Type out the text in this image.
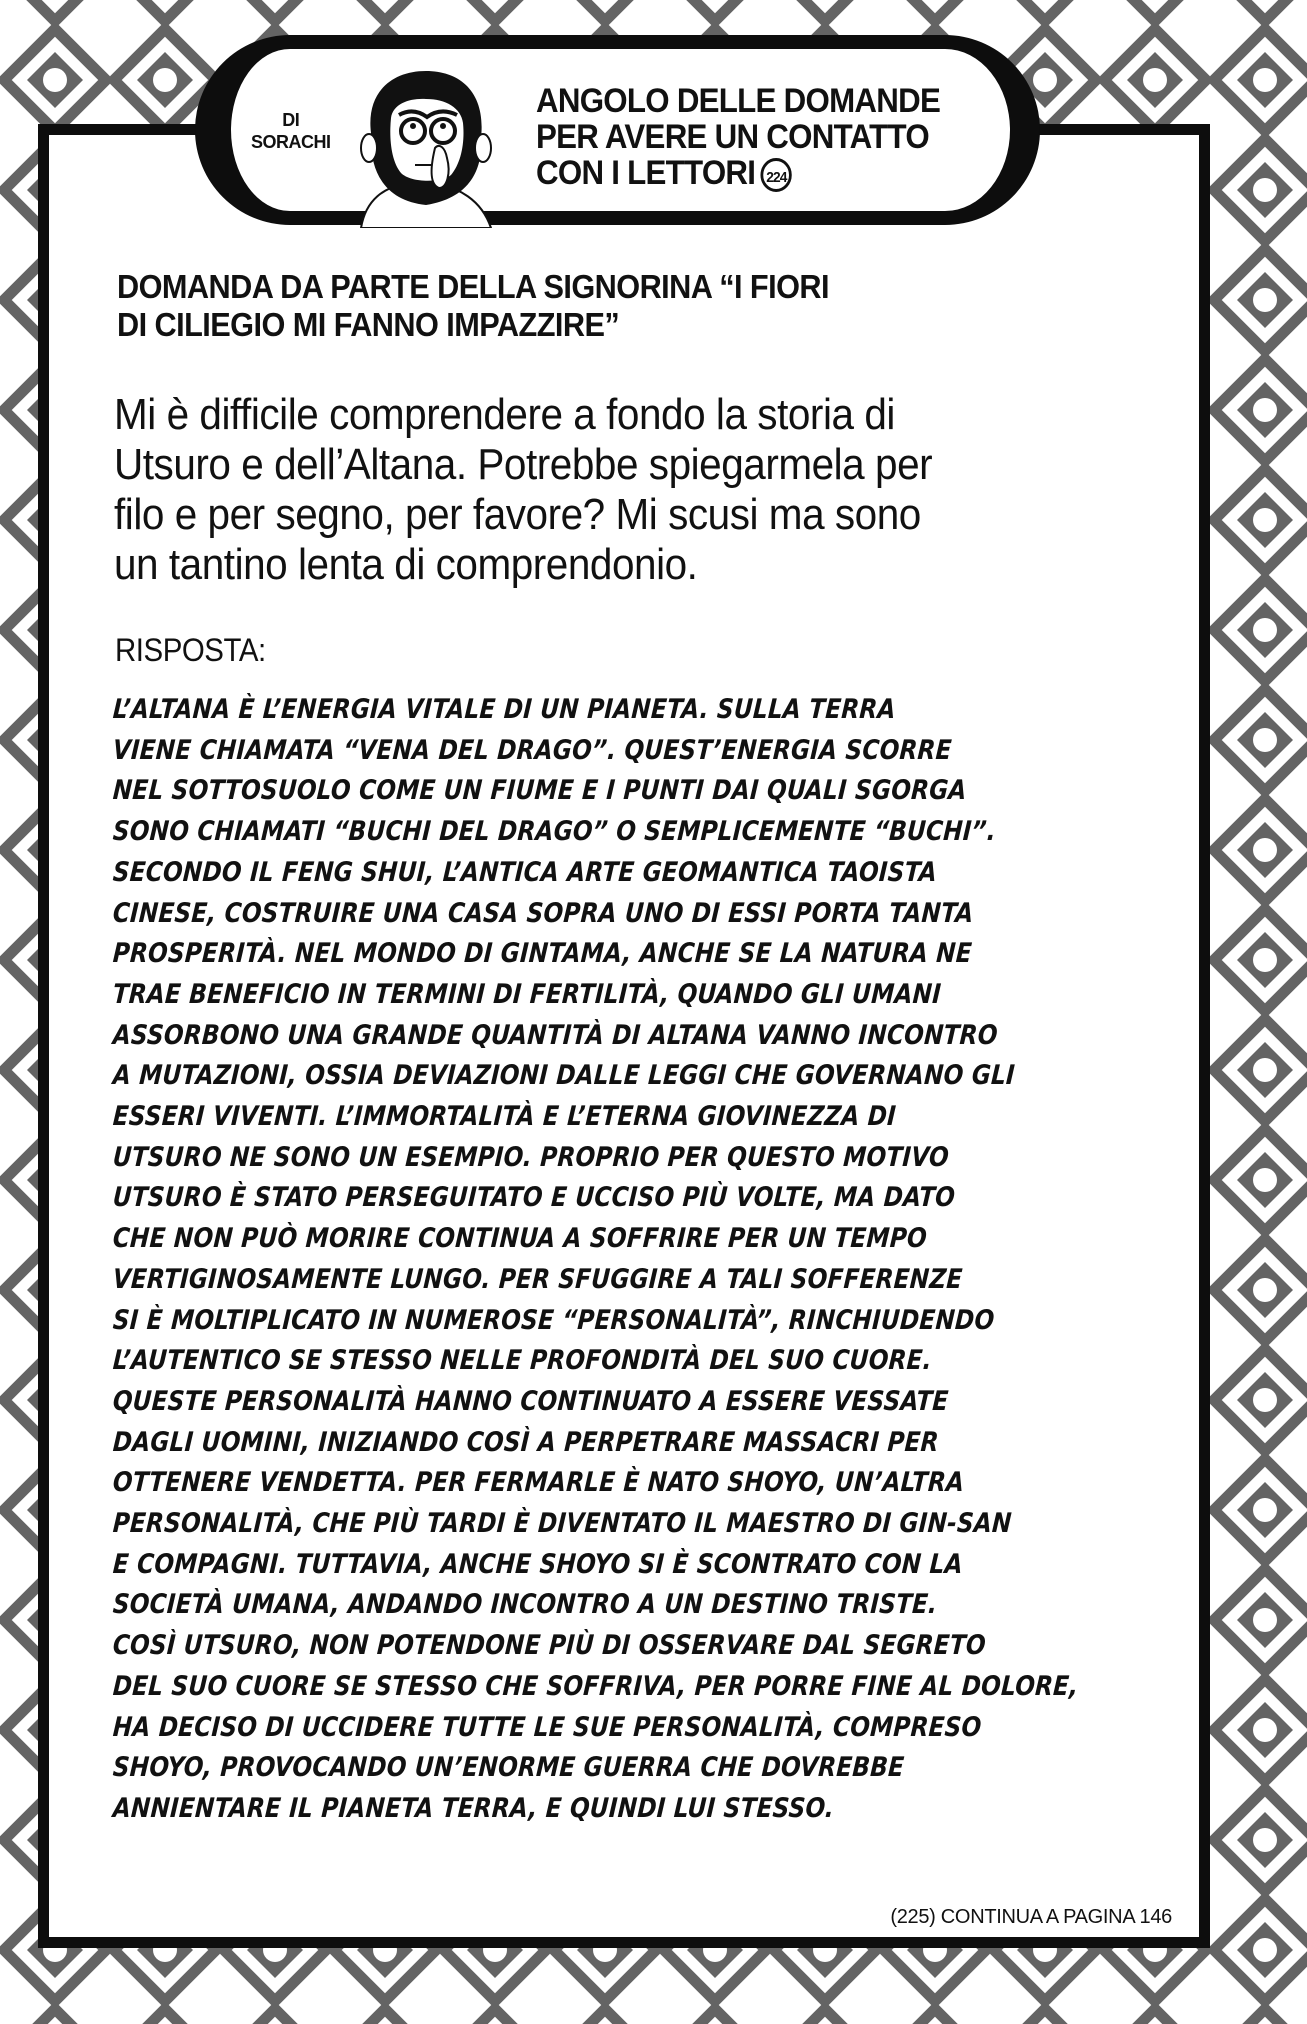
DI
SORACHI
ANGOLO DELLE DOMANDE
PER AVERE UN CONTATTO
CON I LETTORI 224
DOMANDA DA PARTE DELLA SIGNORINA “I FIORI
DI CILIEGIO MI FANNO IMPAZZIRE”
Mi è difficile comprendere a fondo la storia di
Utsuro e dell’Altana. Potrebbe spiegarmela per
filo e per segno, per favore? Mi scusi ma sono
un tantino lenta di comprendonio.
RISPOSTA:
L’ALTANA È L’ENERGIA VITALE DI UN PIANETA. SULLA TERRA
VIENE CHIAMATA “VENA DEL DRAGO”. QUEST’ENERGIA SCORRE
NEL SOTTOSUOLO COME UN FIUME E I PUNTI DAI QUALI SGORGA
SONO CHIAMATI “BUCHI DEL DRAGO” O SEMPLICEMENTE “BUCHI”.
SECONDO IL FENG SHUI, L’ANTICA ARTE GEOMANTICA TAOISTA
CINESE, COSTRUIRE UNA CASA SOPRA UNO DI ESSI PORTA TANTA
PROSPERITÀ. NEL MONDO DI GINTAMA, ANCHE SE LA NATURA NE
TRAE BENEFICIO IN TERMINI DI FERTILITÀ, QUANDO GLI UMANI
ASSORBONO UNA GRANDE QUANTITÀ DI ALTANA VANNO INCONTRO
A MUTAZIONI, OSSIA DEVIAZIONI DALLE LEGGI CHE GOVERNANO GLI
ESSERI VIVENTI. L’IMMORTALITÀ E L’ETERNA GIOVINEZZA DI
UTSURO NE SONO UN ESEMPIO. PROPRIO PER QUESTO MOTIVO
UTSURO È STATO PERSEGUITATO E UCCISO PIÙ VOLTE, MA DATO
CHE NON PUÒ MORIRE CONTINUA A SOFFRIRE PER UN TEMPO
VERTIGINOSAMENTE LUNGO. PER SFUGGIRE A TALI SOFFERENZE
SI È MOLTIPLICATO IN NUMEROSE “PERSONALITÀ”, RINCHIUDENDO
L’AUTENTICO SE STESSO NELLE PROFONDITÀ DEL SUO CUORE.
QUESTE PERSONALITÀ HANNO CONTINUATO A ESSERE VESSATE
DAGLI UOMINI, INIZIANDO COSÌ A PERPETRARE MASSACRI PER
OTTENERE VENDETTA. PER FERMARLE È NATO SHOYO, UN’ALTRA
PERSONALITÀ, CHE PIÙ TARDI È DIVENTATO IL MAESTRO DI GIN-SAN
E COMPAGNI. TUTTAVIA, ANCHE SHOYO SI È SCONTRATO CON LA
SOCIETÀ UMANA, ANDANDO INCONTRO A UN DESTINO TRISTE.
COSÌ UTSURO, NON POTENDONE PIÙ DI OSSERVARE DAL SEGRETO
DEL SUO CUORE SE STESSO CHE SOFFRIVA, PER PORRE FINE AL DOLORE,
HA DECISO DI UCCIDERE TUTTE LE SUE PERSONALITÀ, COMPRESO
SHOYO, PROVOCANDO UN’ENORME GUERRA CHE DOVREBBE
ANNIENTARE IL PIANETA TERRA, E QUINDI LUI STESSO.
(225) CONTINUA A PAGINA 146
